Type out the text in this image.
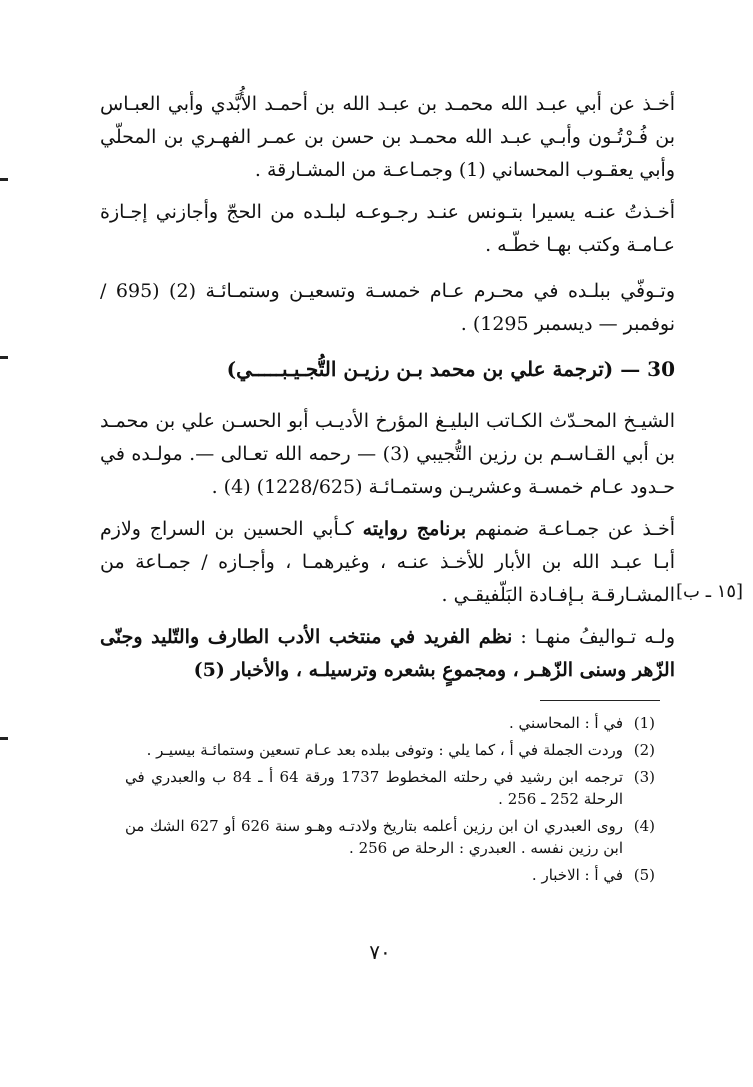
أخـذ عن أبي عبـد الله محمـد بن عبـد الله بن أحمـد الأُبَّدي وأبي العبـاس بن فُـرْتُـون وأبـي عبـد الله محمـد بن حسن بن عمـر الفهـري بن المحلّي وأبي يعقـوب المحساني (1) وجمـاعـة من المشـارقة .
أخـذتُ عنـه يسيرا بتـونس عنـد رجـوعـه لبلـده من الحجّ وأجازني إجـازة عـامـة وكتب بهـا خطّـه .
وتـوفّي ببلـده في محـرم عـام خمسـة وتسعيـن وستمـائـة (2) (695 / نوفمبر — ديسمبر 1295) .
30 — (ترجمة علي بن محمد بـن رزيـن التُّجـيـبـــــي)
الشيـخ المحـدّث الكـاتب البليـغ المؤرخ الأديـب أبو الحسـن علي بن محمـد بن أبي القـاسـم بن رزين التُّجيبي (3) — رحمه الله تعـالى —. مولـده في حـدود عـام خمسـة وعشريـن وستمـائـة (1228/625) (4) .
أخـذ عن جمـاعـة ضمنهم برنامج روايته كـأبي الحسين بن السراج ولازم أبـا عبـد الله بن الأبار للأخـذ عنـه ، وغيرهمـا ، وأجـازه / جمـاعة من المشـارقـة بـإفـادة البَلّفيقـي . [١٥ ـ ب]
ولـه تـواليفُ منهـا : نظم الفريد في منتخب الأدب الطارف والتّليد وجنّى الزّهر وسنى الزّهـر ، ومجموعٍ بشعره وترسيلـه ، والأخبار (5)
(1)
في أ : المحاسني .
(2)
وردت الجملة في أ ، كما يلي : وتوفى ببلده بعد عـام تسعين وستمائـة بيسيـر .
(3)
ترجمه ابن رشيد في رحلته المخطوط 1737 ورقة 64 أ ـ 84 ب والعبدري في الرحلة 252 ـ 256 .
(4)
روى العبدري ان ابن رزين أعلمه بتاريخ ولادتـه وهـو سنة 626 أو 627 الشك من ابن رزين نفسه . العبدري : الرحلة ص 256 .
(5)
في أ : الاخبار .
٧٠
